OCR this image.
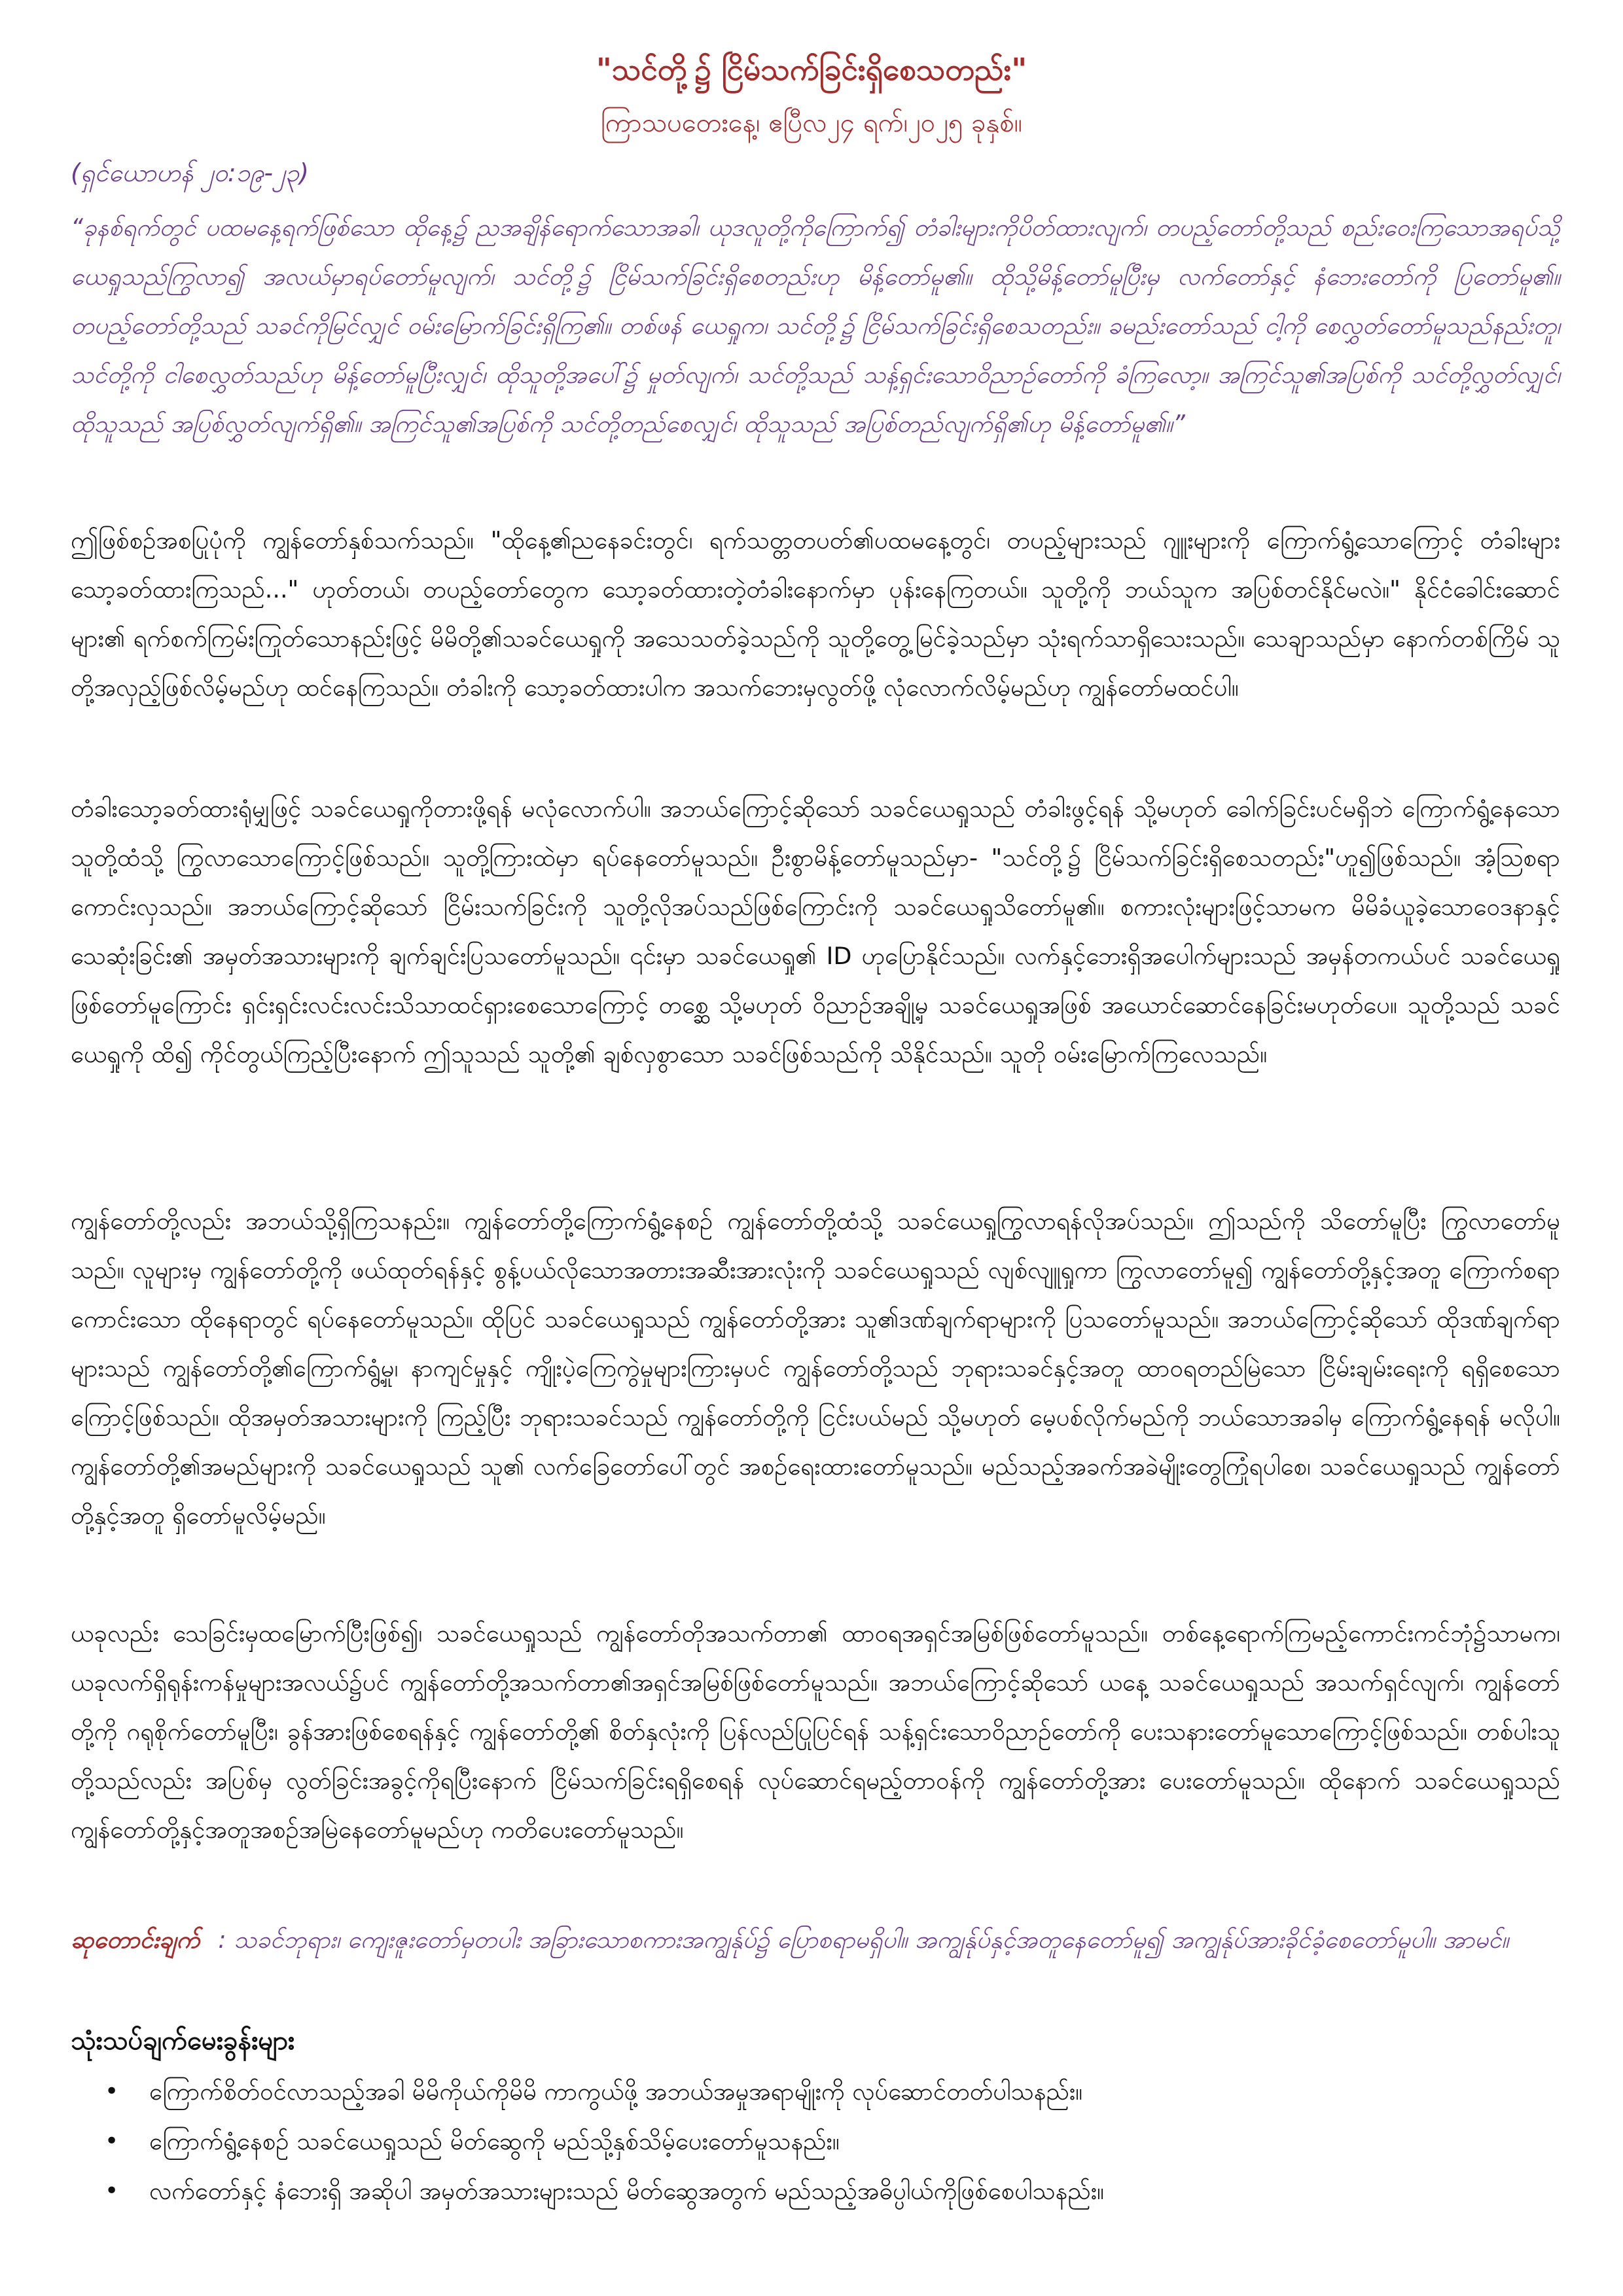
"သင်တို့၌ ငြိမ်သက်ခြင်းရှိစေသတည်း"
ကြာသပတေးနေ့၊ ဧပြီလ၂၄ ရက်၊၂၀၂၅ ခုနှစ်။
(ရှင်ယောဟန် ၂၀:၁၉-၂၃)
“ခုနစ်ရက်တွင် ပထမနေ့ရက်ဖြစ်သော ထိုနေ့၌ ညအချိန်ရောက်သောအခါ၊ ယုဒလူတို့ကိုကြောက်၍ တံခါးများကိုပိတ်ထားလျက်၊ တပည့်တော်တို့သည် စည်းဝေးကြသောအရပ်သို့ ယေရှုသည်ကြွလာ၍ အလယ်မှာရပ်တော်မူလျက်၊ သင်တို့၌ ငြိမ်သက်ခြင်းရှိစေတည်းဟု မိန့်တော်မူ၏။ ထိုသို့မိန့်တော်မူပြီးမှ လက်တော်နှင့် နံဘေးတော်ကို ပြတော်မူ၏။ တပည့်တော်တို့သည် သခင်ကိုမြင်လျှင် ဝမ်းမြောက်ခြင်းရှိကြ၏။ တစ်ဖန် ယေရှုက၊ သင်တို့၌ ငြိမ်သက်ခြင်းရှိစေသတည်း။ ခမည်းတော်သည် ငါ့ကို စေလွှတ်တော်မူသည်နည်းတူ၊ သင်တို့ကို ငါစေလွှတ်သည်ဟု မိန့်တော်မူပြီးလျှင်၊ ထိုသူတို့အပေါ်၌ မှုတ်လျက်၊ သင်တို့သည် သန့်ရှင်းသောဝိညာဉ်တော်ကို ခံကြလော့။ အကြင်သူ၏အပြစ်ကို သင်တို့လွှတ်လျှင်၊ ထိုသူသည် အပြစ်လွှတ်လျက်ရှိ၏။ အကြင်သူ၏အပြစ်ကို သင်တို့တည်စေလျှင်၊ ထိုသူသည် အပြစ်တည်လျက်ရှိ၏ဟု မိန့်တော်မူ၏။”
ဤဖြစ်စဉ်အစပြုပုံကို ကျွန်တော်နှစ်သက်သည်။ "ထိုနေ့၏ညနေခင်းတွင်၊ ရက်သတ္တတပတ်၏ပထမနေ့တွင်၊ တပည့်များသည် ဂျူးများကို ကြောက်ရွံ့သောကြောင့် တံခါးများသော့ခတ်ထားကြသည်..." ဟုတ်တယ်၊ တပည့်တော်တွေက သော့ခတ်ထားတဲ့တံခါးနောက်မှာ ပုန်းနေကြတယ်။ သူတို့ကို ဘယ်သူက အပြစ်တင်နိုင်မလဲ။" နိုင်ငံခေါင်းဆောင်များ၏ ရက်စက်ကြမ်းကြုတ်သောနည်းဖြင့် မိမိတို့၏သခင်ယေရှုကို အသေသတ်ခဲ့သည်ကို သူတို့တွေ့မြင်ခဲ့သည်မှာ သုံးရက်သာရှိသေးသည်။ သေချာသည်မှာ နောက်တစ်ကြိမ် သူတို့အလှည့်ဖြစ်လိမ့်မည်ဟု ထင်နေကြသည်။ တံခါးကို သော့ခတ်ထားပါက အသက်ဘေးမှလွတ်ဖို့ လုံလောက်လိမ့်မည်ဟု ကျွန်တော်မထင်ပါ။
တံခါးသော့ခတ်ထားရုံမျှဖြင့် သခင်ယေရှုကိုတားဖို့ရန် မလုံလောက်ပါ။ အဘယ်ကြောင့်ဆိုသော် သခင်ယေရှုသည် တံခါးဖွင့်ရန် သို့မဟုတ် ခေါက်ခြင်းပင်မရှိဘဲ ကြောက်ရွံ့နေသော သူတို့ထံသို့ ကြွလာသောကြောင့်ဖြစ်သည်။ သူတို့ကြားထဲမှာ ရပ်နေတော်မူသည်။ ဦးစွာမိန့်တော်မူသည်မှာ- "သင်တို့၌ ငြိမ်သက်ခြင်းရှိစေသတည်း"ဟူ၍ဖြစ်သည်။ အံ့ဩစရာကောင်းလှသည်။ အဘယ်ကြောင့်ဆိုသော် ငြိမ်းသက်ခြင်းကို သူတို့လိုအပ်သည်ဖြစ်ကြောင်းကို သခင်ယေရှုသိတော်မူ၏။ စကားလုံးများဖြင့်သာမက မိမိခံယူခဲ့သောဝေဒနာနှင့် သေဆုံးခြင်း၏ အမှတ်အသားများကို ချက်ချင်းပြသတော်မူသည်။ ၎င်းမှာ သခင်ယေရှု၏ ID ဟုပြောနိုင်သည်။ လက်နှင့်ဘေးရှိအပေါက်များသည် အမှန်တကယ်ပင် သခင်ယေရှုဖြစ်တော်မူကြောင်း ရှင်းရှင်းလင်းလင်းသိသာထင်ရှားစေသောကြောင့် တစ္ဆေ သို့မဟုတ် ဝိညာဉ်အချို့မှ သခင်ယေရှုအဖြစ် အယောင်ဆောင်နေခြင်းမဟုတ်ပေ။ သူတို့သည် သခင်ယေရှုကို ထိ၍ ကိုင်တွယ်ကြည့်ပြီးနောက် ဤသူသည် သူတို့၏ ချစ်လှစွာသော သခင်ဖြစ်သည်ကို သိနိုင်သည်။ သူတို ဝမ်းမြောက်ကြလေသည်။
ကျွန်တော်တို့လည်း အဘယ်သို့ရှိကြသနည်း။ ကျွန်တော်တို့ကြောက်ရွံ့နေစဉ် ကျွန်တော်တို့ထံသို့ သခင်ယေရှုကြွလာရန်လိုအပ်သည်။ ဤသည်ကို သိတော်မူပြီး ကြွလာတော်မူသည်။ လူများမှ ကျွန်တော်တို့ကို ဖယ်ထုတ်ရန်နှင့် စွန့်ပယ်လိုသောအတားအဆီးအားလုံးကို သခင်ယေရှုသည် လျစ်လျူရှုကာ ကြွလာတော်မူ၍ ကျွန်တော်တို့နှင့်အတူ ကြောက်စရာကောင်းသော ထိုနေရာတွင် ရပ်နေတော်မူသည်။ ထိုပြင် သခင်ယေရှုသည် ကျွန်တော်တို့အား သူ၏ဒဏ်ချက်ရာများကို ပြသတော်မူသည်။ အဘယ်ကြောင့်ဆိုသော် ထိုဒဏ်ချက်ရာများသည် ကျွန်တော်တို့၏ကြောက်ရွံ့မှု၊ နာကျင်မှုနှင့် ကျိုးပဲ့ကြေကွဲမှုများကြားမှပင် ကျွန်တော်တို့သည် ဘုရားသခင်နှင့်အတူ ထာဝရတည်မြဲသော ငြိမ်းချမ်းရေးကို ရရှိစေသောကြောင့်ဖြစ်သည်။ ထိုအမှတ်အသားများကို ကြည့်ပြီး ဘုရားသခင်သည် ကျွန်တော်တို့ကို ငြင်းပယ်မည် သို့မဟုတ် မေ့ပစ်လိုက်မည်ကို ဘယ်သောအခါမှ ကြောက်ရွံ့နေရန် မလိုပါ။ ကျွန်တော်တို့၏အမည်များကို သခင်ယေရှုသည် သူ၏ လက်ခြေတော်ပေါ်တွင် အစဉ်ရေးထားတော်မူသည်။ မည်သည့်အခက်အခဲမျိုးတွေကြုံရပါစေ၊ သခင်ယေရှုသည် ကျွန်တော်တို့နှင့်အတူ ရှိတော်မူလိမ့်မည်။
ယခုလည်း သေခြင်းမှထမြောက်ပြီးဖြစ်၍၊ သခင်ယေရှုသည် ကျွန်တော်တိုအသက်တာ၏ ထာဝရအရှင်အမြစ်ဖြစ်တော်မူသည်။ တစ်နေ့ရောက်ကြမည့်ကောင်းကင်ဘုံ၌သာမက၊ ယခုလက်ရှိရုန်းကန်မှုများအလယ်၌ပင် ကျွန်တော်တို့အသက်တာ၏အရှင်အမြစ်ဖြစ်တော်မူသည်။ အဘယ်ကြောင့်ဆိုသော် ယနေ့ သခင်ယေရှုသည် အသက်ရှင်လျက်၊ ကျွန်တော်တို့ကို ဂရုစိုက်တော်မူပြီး၊ ခွန်အားဖြစ်စေရန်နှင့် ကျွန်တော်တို့၏ စိတ်နှလုံးကို ပြန်လည်ပြုပြင်ရန် သန့်ရှင်းသောဝိညာဉ်တော်ကို ပေးသနားတော်မူသောကြောင့်ဖြစ်သည်။ တစ်ပါးသူတို့သည်လည်း အပြစ်မှ လွတ်ခြင်းအခွင့်ကိုရပြီးနောက် ငြိမ်သက်ခြင်းရရှိစေရန် လုပ်ဆောင်ရမည့်တာဝန်ကို ကျွန်တော်တို့အား ပေးတော်မူသည်။ ထိုနောက် သခင်ယေရှုသည် ကျွန်တော်တို့နှင့်အတူအစဉ်အမြဲနေတော်မူမည်ဟု ကတိပေးတော်မူသည်။
ဆုတောင်းချက် : သခင်ဘုရား၊ ကျေးဇူးတော်မှတပါး အခြားသောစကားအကျွန်ုပ်၌ ပြောစရာမရှိပါ။ အကျွန်ုပ်နှင့်အတူနေတော်မူ၍ အကျွန်ုပ်အားခိုင်ခံ့စေတော်မူပါ။ အာမင်။
သုံးသပ်ချက်မေးခွန်းများ
• ကြောက်စိတ်ဝင်လာသည့်အခါ မိမိကိုယ်ကိုမိမိ ကာကွယ်ဖို့ အဘယ်အမှုအရာမျိုးကို လုပ်ဆောင်တတ်ပါသနည်း။
• ကြောက်ရွံ့နေစဉ် သခင်ယေရှုသည် မိတ်ဆွေကို မည်သို့နှစ်သိမ့်ပေးတော်မူသနည်း။
• လက်တော်နှင့် နံဘေးရှိ အဆိုပါ အမှတ်အသားများသည် မိတ်ဆွေအတွက် မည်သည့်အဓိပ္ပါယ်ကိုဖြစ်စေပါသနည်း။
